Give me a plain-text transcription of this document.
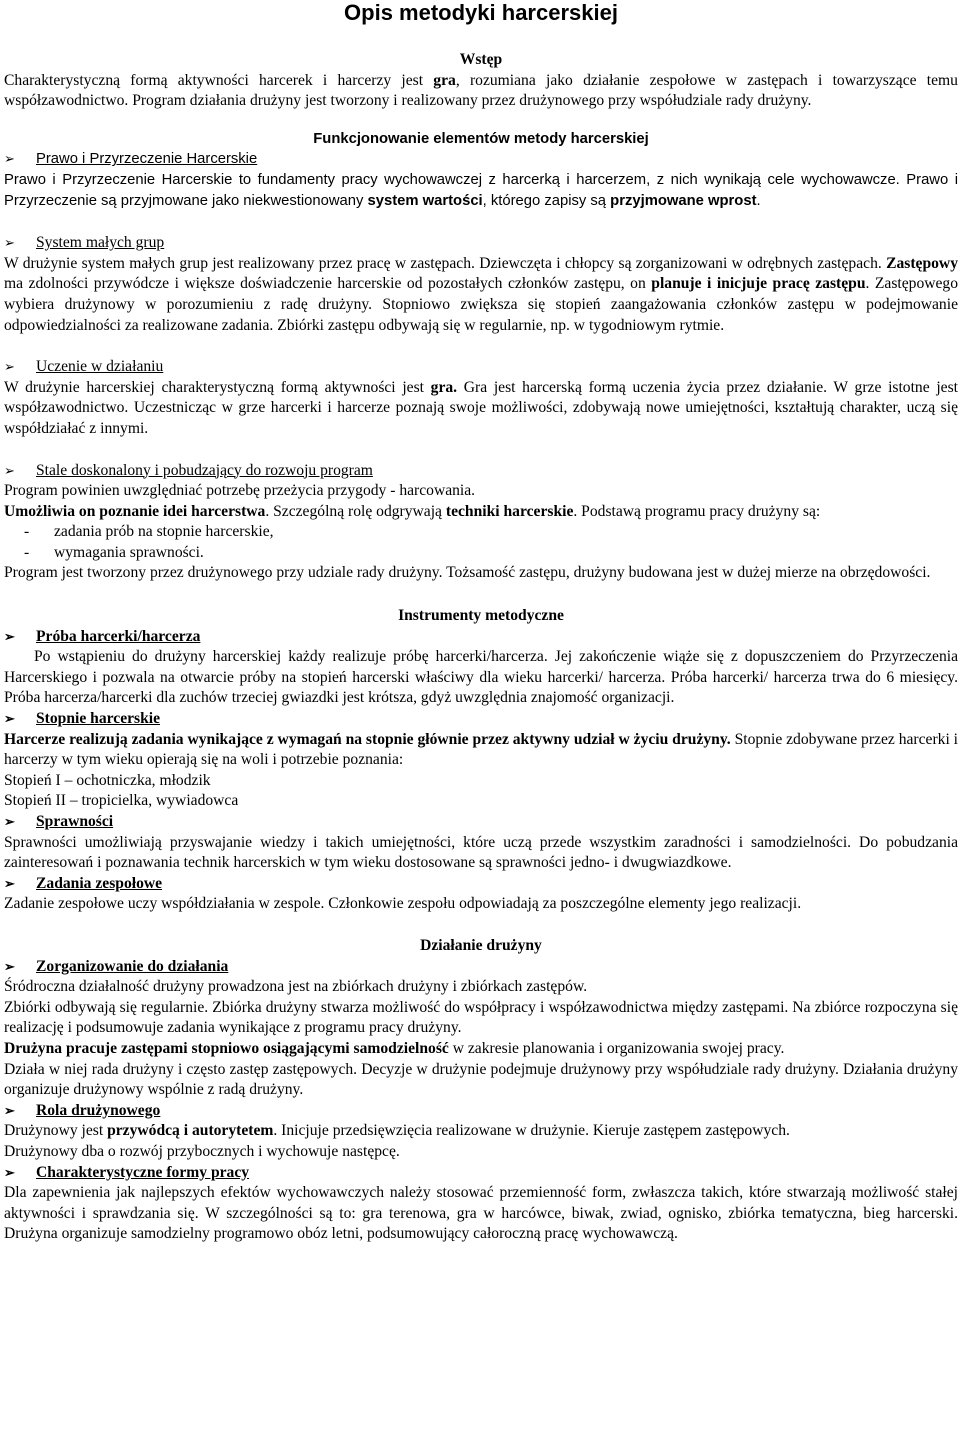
Opis metodyki harcerskiej
Wstęp
Charakterystyczną formą aktywności harcerek i harcerzy jest gra, rozumiana jako działanie zespołowe w zastępach i towarzyszące temu współzawodnictwo. Program działania drużyny jest tworzony i realizowany przez drużynowego przy współudziale rady drużyny.
Funkcjonowanie elementów metody harcerskiej
➢	Prawo i Przyrzeczenie Harcerskie
Prawo i Przyrzeczenie Harcerskie to fundamenty pracy wychowawczej z harcerką i harcerzem, z nich wynikają cele wychowawcze. Prawo i Przyrzeczenie są przyjmowane jako niekwestionowany system wartości, którego zapisy są przyjmowane wprost.
➢	System małych grup
W drużynie system małych grup jest realizowany przez pracę w zastępach. Dziewczęta i chłopcy są zorganizowani w odrębnych zastępach. Zastępowy ma zdolności przywódcze i większe doświadczenie harcerskie od pozostałych członków zastępu, on planuje i inicjuje pracę zastępu. Zastępowego wybiera drużynowy w porozumieniu z radę drużyny. Stopniowo zwiększa się stopień zaangażowania członków zastępu w podejmowanie odpowiedzialności za realizowane zadania. Zbiórki zastępu odbywają się w regularnie, np. w tygodniowym rytmie.
➢	Uczenie w działaniu
W drużynie harcerskiej charakterystyczną formą aktywności jest gra. Gra jest harcerską formą uczenia życia przez działanie. W grze istotne jest współzawodnictwo. Uczestnicząc w grze harcerki i harcerze poznają swoje możliwości, zdobywają nowe umiejętności, kształtują charakter, uczą się współdziałać z innymi.
➢	Stale doskonalony i pobudzający do rozwoju program
Program powinien uwzględniać potrzebę przeżycia przygody - harcowania.
Umożliwia on poznanie idei harcerstwa. Szczególną rolę odgrywają techniki harcerskie. Podstawą programu pracy drużyny są:
-	zadania prób na stopnie harcerskie,
-	wymagania sprawności.
Program jest tworzony przez drużynowego przy udziale rady drużyny. Tożsamość zastępu, drużyny budowana jest w dużej mierze na obrzędowości.
Instrumenty metodyczne
➢	Próba harcerki/harcerza
Po wstąpieniu do drużyny harcerskiej każdy realizuje próbę harcerki/harcerza. Jej zakończenie wiąże się z dopuszczeniem do Przyrzeczenia Harcerskiego i pozwala na otwarcie próby na stopień harcerski właściwy dla wieku harcerki/ harcerza. Próba harcerki/ harcerza trwa do 6 miesięcy. Próba harcerza/harcerki dla zuchów trzeciej gwiazdki jest krótsza, gdyż uwzględnia znajomość organizacji.
➢	Stopnie harcerskie
Harcerze realizują zadania wynikające z wymagań na stopnie głównie przez aktywny udział w życiu drużyny. Stopnie zdobywane przez harcerki i harcerzy w tym wieku opierają się na woli i potrzebie poznania:
Stopień I – ochotniczka, młodzik
Stopień II – tropicielka, wywiadowca
➢	Sprawności
Sprawności umożliwiają przyswajanie wiedzy i takich umiejętności, które uczą przede wszystkim zaradności i samodzielności. Do pobudzania zainteresowań i poznawania technik harcerskich w tym wieku dostosowane są sprawności jedno- i dwugwiazdkowe.
➢	Zadania zespołowe
Zadanie zespołowe uczy współdziałania w zespole. Członkowie zespołu odpowiadają za poszczególne elementy jego realizacji.
Działanie drużyny
➢	Zorganizowanie do działania
Śródroczna działalność drużyny prowadzona jest na zbiórkach drużyny i zbiórkach zastępów.
Zbiórki odbywają się regularnie. Zbiórka drużyny stwarza możliwość do współpracy i współzawodnictwa między zastępami. Na zbiórce rozpoczyna się realizację i podsumowuje zadania wynikające z programu pracy drużyny.
Drużyna pracuje zastępami stopniowo osiągającymi samodzielność w zakresie planowania i organizowania swojej pracy.
Działa w niej rada drużyny i często zastęp zastępowych. Decyzje w drużynie podejmuje drużynowy przy współudziale rady drużyny. Działania drużyny organizuje drużynowy wspólnie z radą drużyny.
➢	Rola drużynowego
Drużynowy jest przywódcą i autorytetem. Inicjuje przedsięwzięcia realizowane w drużynie. Kieruje zastępem zastępowych.
Drużynowy dba o rozwój przybocznych i wychowuje następcę.
➢	Charakterystyczne formy pracy
Dla zapewnienia jak najlepszych efektów wychowawczych należy stosować przemienność form, zwłaszcza takich, które stwarzają możliwość stałej aktywności i sprawdzania się. W szczególności są to: gra terenowa, gra w harcówce, biwak, zwiad, ognisko, zbiórka tematyczna, bieg harcerski. Drużyna organizuje samodzielny programowo obóz letni, podsumowujący całoroczną pracę wychowawczą.
